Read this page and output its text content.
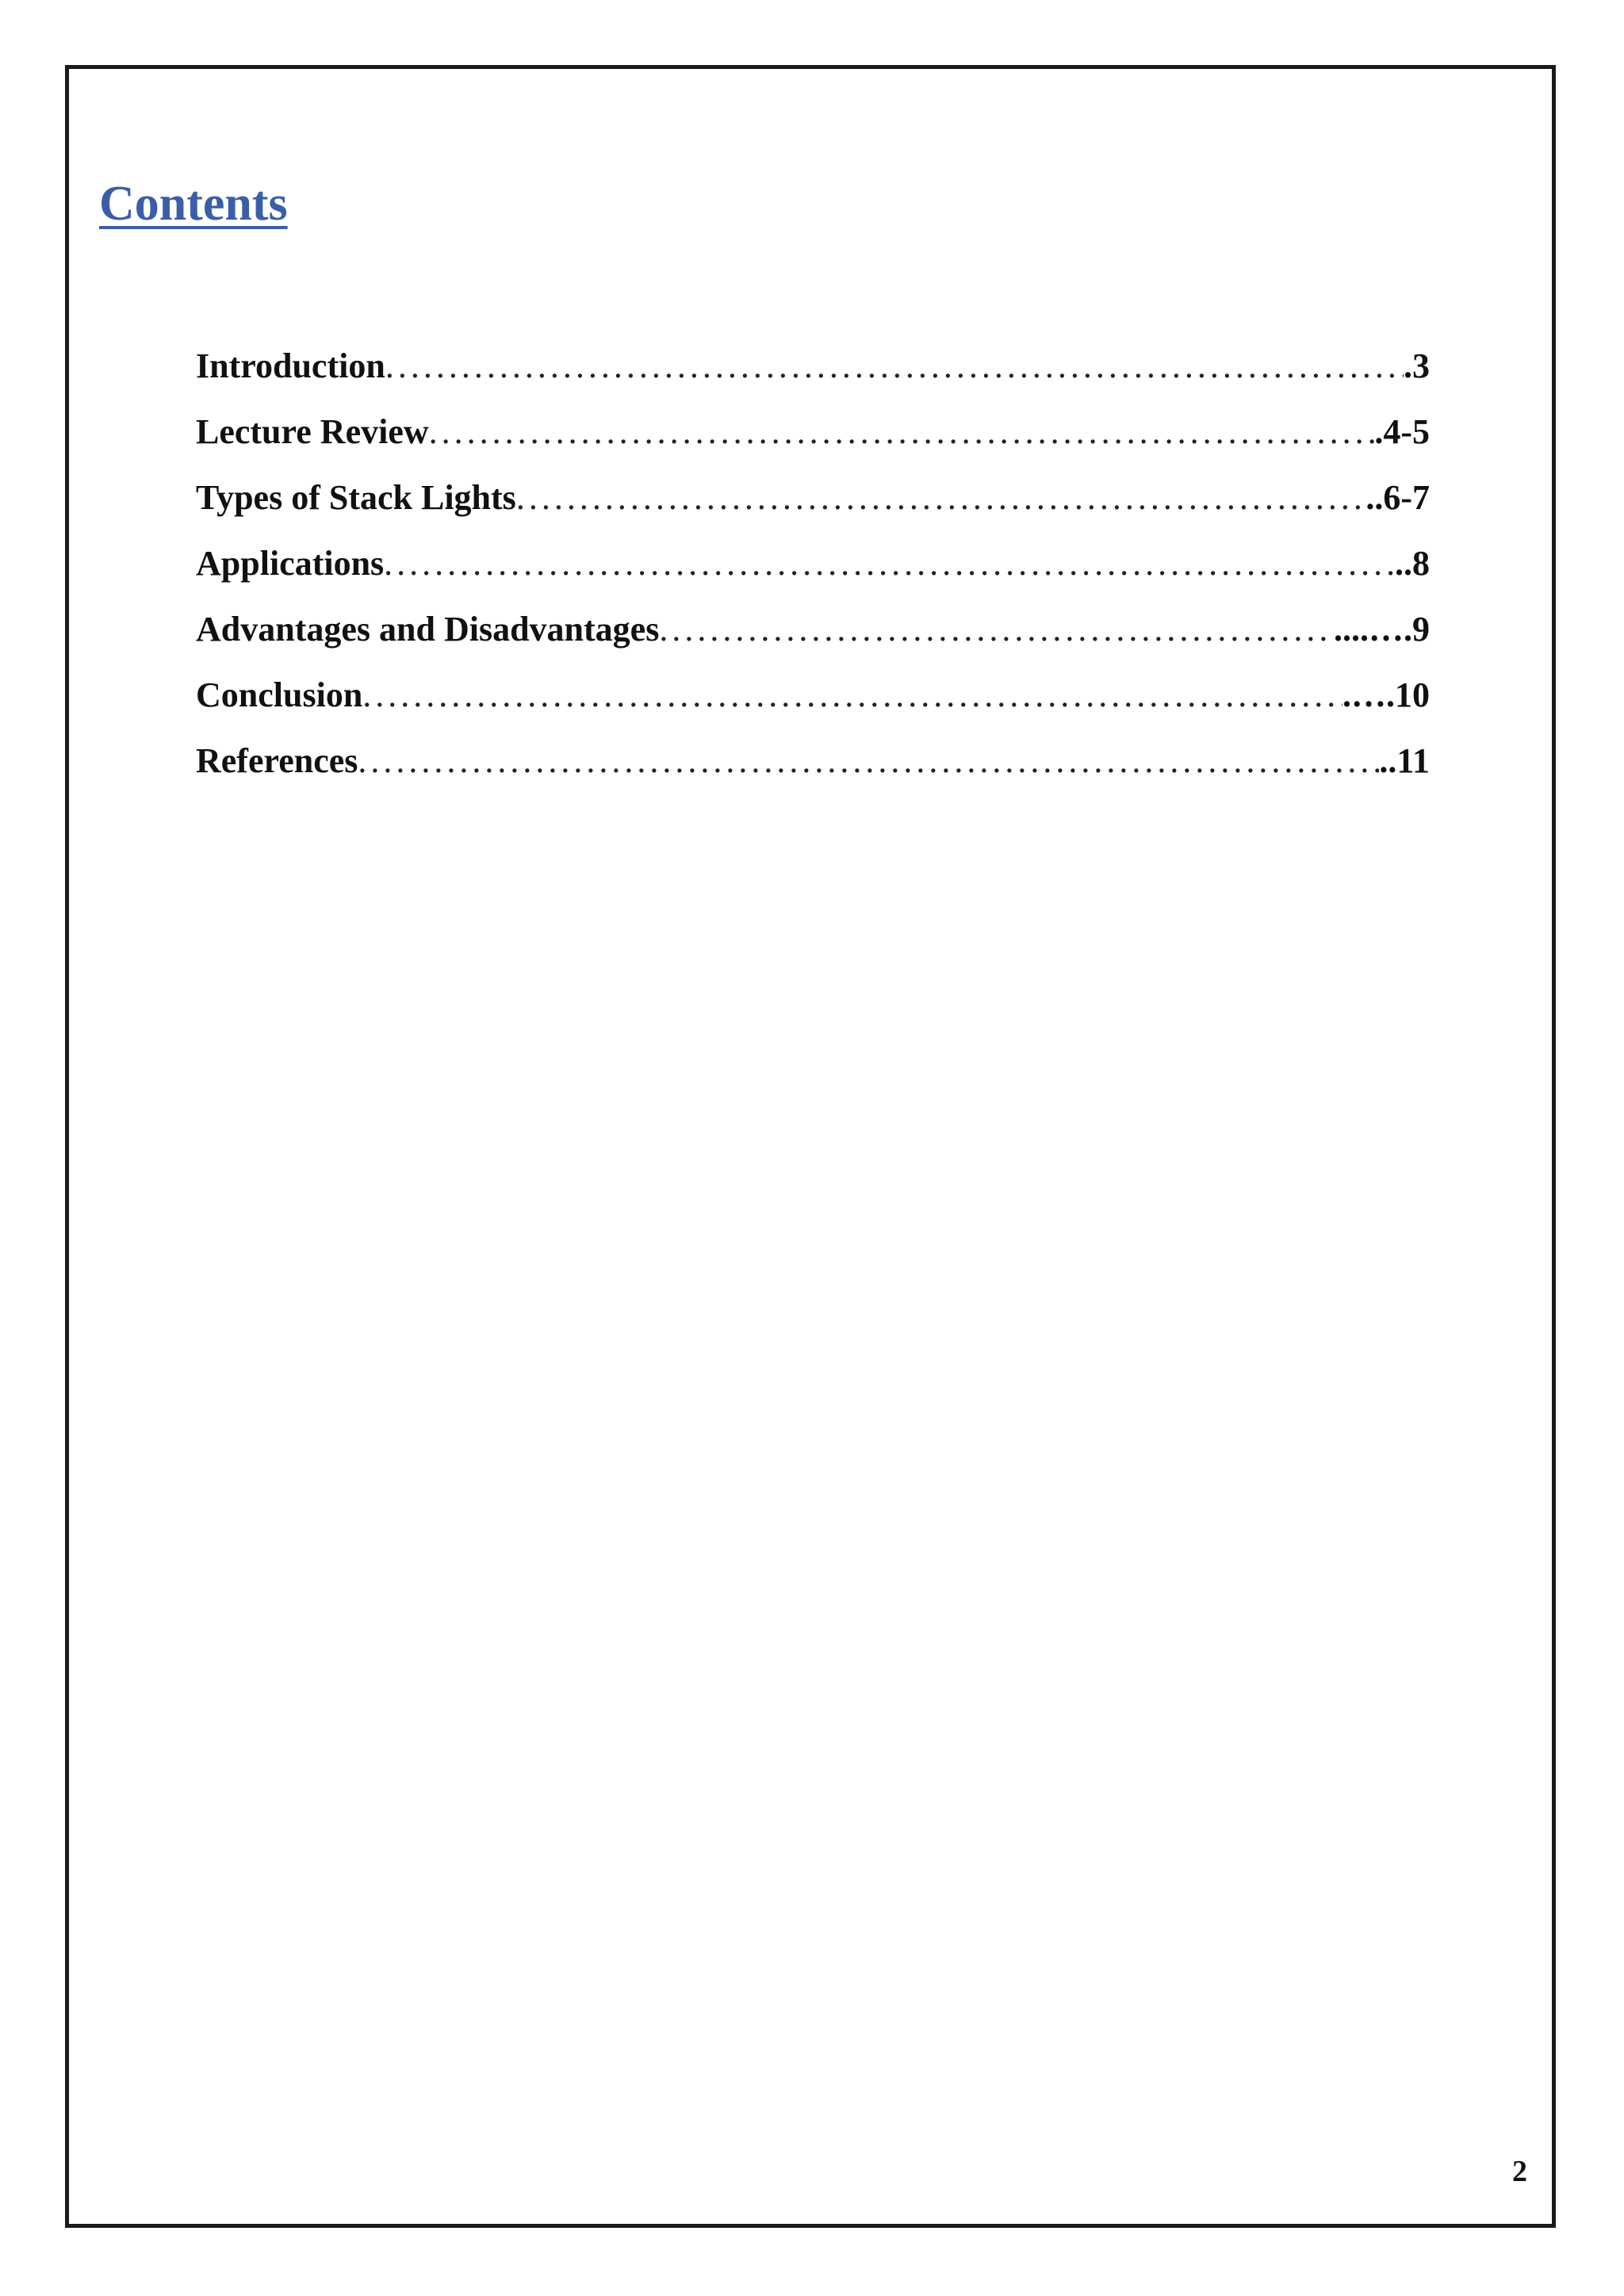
Contents
Introduction . . .	.3
Lecture Review . . .	.4-5
Types of Stack Lights . . .	..6-7
Applications . . .	..8
Advantages and Disadvantages . . .	....….9
Conclusion . . .	.….10
References . . .	..11
2
